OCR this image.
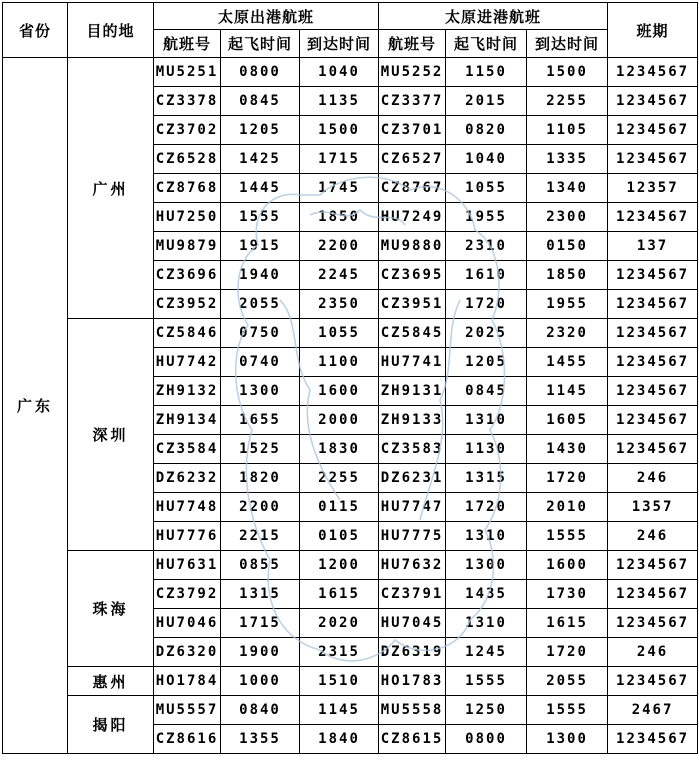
省份	目的地	太原出港航班			太原进港航班			班期
		航班号	起飞时间	到达时间	航班号	起飞时间	到达时间	
广东	广州	MU5251	0800	1040	MU5252	1150	1500	1234567
		CZ3378	0845	1135	CZ3377	2015	2255	1234567
		CZ3702	1205	1500	CZ3701	0820	1105	1234567
		CZ6528	1425	1715	CZ6527	1040	1335	1234567
		CZ8768	1445	1745	CZ8767	1055	1340	12357
		HU7250	1555	1850	HU7249	1955	2300	1234567
		MU9879	1915	2200	MU9880	2310	0150	137
		CZ3696	1940	2245	CZ3695	1610	1850	1234567
		CZ3952	2055	2350	CZ3951	1720	1955	1234567
	深圳	CZ5846	0750	1055	CZ5845	2025	2320	1234567
		HU7742	0740	1100	HU7741	1205	1455	1234567
		ZH9132	1300	1600	ZH9131	0845	1145	1234567
		ZH9134	1655	2000	ZH9133	1310	1605	1234567
		CZ3584	1525	1830	CZ3583	1130	1430	1234567
		DZ6232	1820	2255	DZ6231	1315	1720	246
		HU7748	2200	0115	HU7747	1720	2010	1357
		HU7776	2215	0105	HU7775	1310	1555	246
	珠海	HU7631	0855	1200	HU7632	1300	1600	1234567
		CZ3792	1315	1615	CZ3791	1435	1730	1234567
		HU7046	1715	2020	HU7045	1310	1615	1234567
		DZ6320	1900	2315	DZ6319	1245	1720	246
	惠州	HO1784	1000	1510	HO1783	1555	2055	1234567
	揭阳	MU5557	0840	1145	MU5558	1250	1555	2467
		CZ8616	1355	1840	CZ8615	0800	1300	1234567
